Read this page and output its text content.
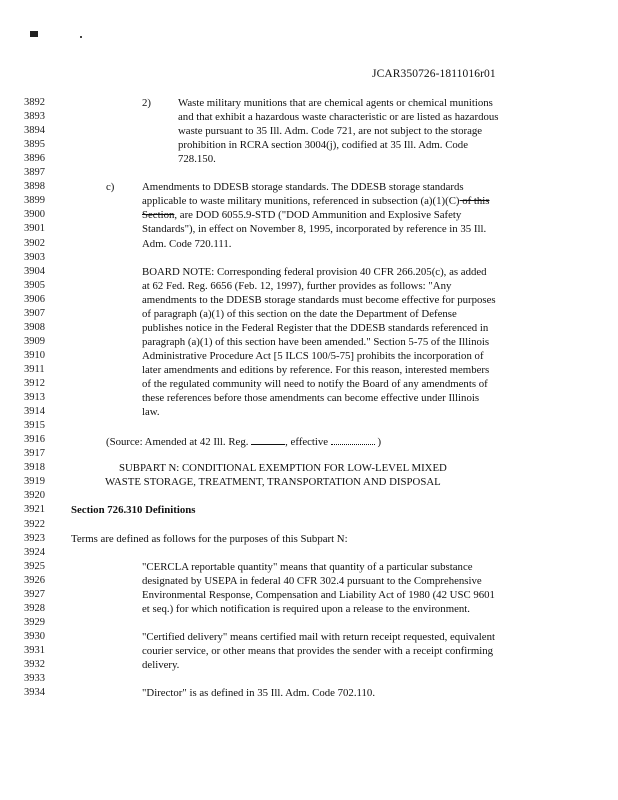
JCAR350726-1811016r01
3892	2)	Waste military munitions that are chemical agents or chemical munitions
3893	and that exhibit a hazardous waste characteristic or are listed as hazardous
3894	waste pursuant to 35 Ill. Adm. Code 721, are not subject to the storage
3895	prohibition in RCRA section 3004(j), codified at 35 Ill. Adm. Code
3896	728.150.
3897
3898	c)	Amendments to DDESB storage standards. The DDESB storage standards
3899	applicable to waste military munitions, referenced in subsection (a)(1)(C) of this
3900	Section, are DOD 6055.9-STD ("DOD Ammunition and Explosive Safety
3901	Standards"), in effect on November 8, 1995, incorporated by reference in 35 Ill.
3902	Adm. Code 720.111.
3903
3904	BOARD NOTE: Corresponding federal provision 40 CFR 266.205(c), as added
3905	at 62 Fed. Reg. 6656 (Feb. 12, 1997), further provides as follows: "Any
3906	amendments to the DDESB storage standards must become effective for purposes
3907	of paragraph (a)(1) of this section on the date the Department of Defense
3908	publishes notice in the Federal Register that the DDESB standards referenced in
3909	paragraph (a)(1) of this section have been amended." Section 5-75 of the Illinois
3910	Administrative Procedure Act [5 ILCS 100/5-75] prohibits the incorporation of
3911	later amendments and editions by reference. For this reason, interested members
3912	of the regulated community will need to notify the Board of any amendments of
3913	these references before those amendments can become effective under Illinois
3914	law.
3915
3916	(Source: Amended at 42 Ill. Reg.	, effective	)
3917
3918	SUBPART N: CONDITIONAL EXEMPTION FOR LOW-LEVEL MIXED
3919	WASTE STORAGE, TREATMENT, TRANSPORTATION AND DISPOSAL
3920
3921 Section 726.310 Definitions
3922
3923 Terms are defined as follows for the purposes of this Subpart N:
3924
3925	"CERCLA reportable quantity" means that quantity of a particular substance
3926	designated by USEPA in federal 40 CFR 302.4 pursuant to the Comprehensive
3927	Environmental Response, Compensation and Liability Act of 1980 (42 USC 9601
3928	et seq.) for which notification is required upon a release to the environment.
3929
3930	"Certified delivery" means certified mail with return receipt requested, equivalent
3931	courier service, or other means that provides the sender with a receipt confirming
3932	delivery.
3933
3934	"Director" is as defined in 35 Ill. Adm. Code 702.110.
